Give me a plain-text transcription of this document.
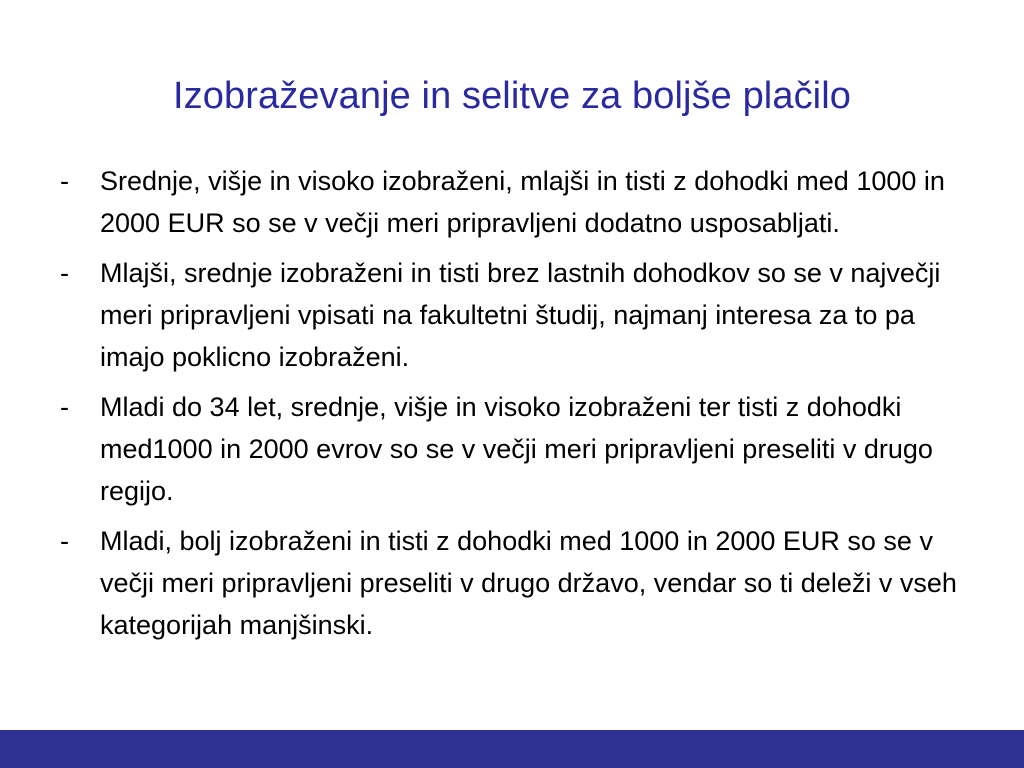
Izobraževanje in selitve za boljše plačilo
-	Srednje, višje in visoko izobraženi, mlajši in tisti z dohodki med 1000 in 2000 EUR so se v večji meri pripravljeni dodatno usposabljati.
-	Mlajši, srednje izobraženi in tisti brez lastnih dohodkov so se v največji meri pripravljeni vpisati na fakultetni študij, najmanj interesa za to pa imajo poklicno izobraženi.
-	Mladi do 34 let, srednje, višje in visoko izobraženi ter tisti z dohodki med1000 in 2000 evrov so se v večji meri pripravljeni preseliti v drugo regijo.
-	Mladi, bolj izobraženi in tisti z dohodki med 1000 in 2000 EUR so se v večji meri pripravljeni preseliti v drugo državo, vendar so ti deleži v vseh kategorijah manjšinski.
